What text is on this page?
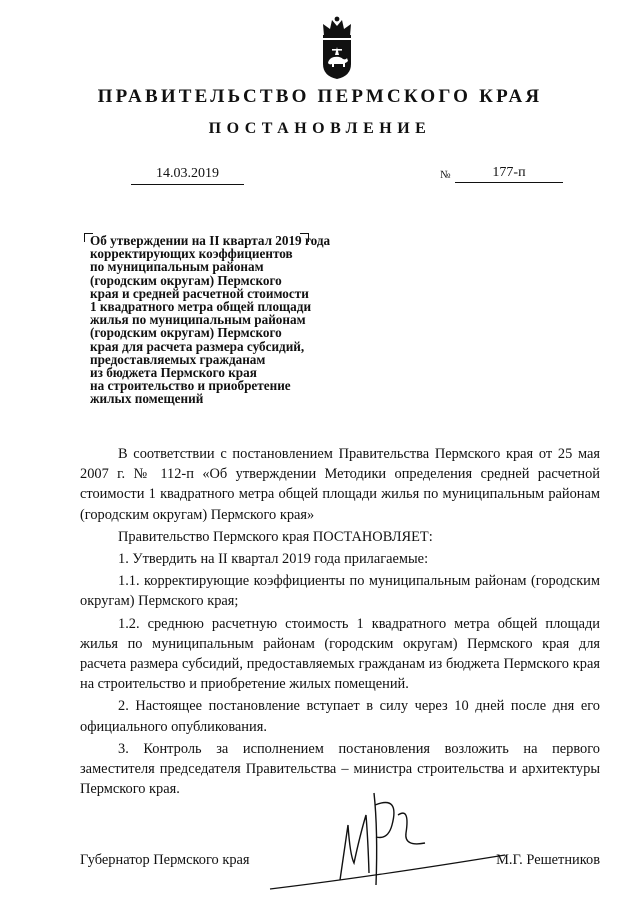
ПРАВИТЕЛЬСТВО ПЕРМСКОГО КРАЯ
ПОСТАНОВЛЕНИЕ
14.03.2019	№	177-п
Об утверждении на II квартал 2019 года
корректирующих коэффициентов
по муниципальным районам
(городским округам) Пермского
края и средней расчетной стоимости
1 квадратного метра общей площади
жилья по муниципальным районам
(городским округам) Пермского
края для расчета размера субсидий,
предоставляемых гражданам
из бюджета Пермского края
на строительство и приобретение
жилых помещений

В соответствии с постановлением Правительства Пермского края от 25 мая 2007 г. № 112-п «Об утверждении Методики определения средней расчетной стоимости 1 квадратного метра общей площади жилья по муниципальным районам (городским округам) Пермского края»

Правительство Пермского края ПОСТАНОВЛЯЕТ:

1. Утвердить на II квартал 2019 года прилагаемые:

1.1. корректирующие коэффициенты по муниципальным районам (городским округам) Пермского края;

1.2. среднюю расчетную стоимость 1 квадратного метра общей площади жилья по муниципальным районам (городским округам) Пермского края для расчета размера субсидий, предоставляемых гражданам из бюджета Пермского края на строительство и приобретение жилых помещений.

2. Настоящее постановление вступает в силу через 10 дней после дня его официального опубликования.

3. Контроль за исполнением постановления возложить на первого заместителя председателя Правительства – министра строительства и архитектуры Пермского края.

Губернатор Пермского края	М.Г. Решетников
